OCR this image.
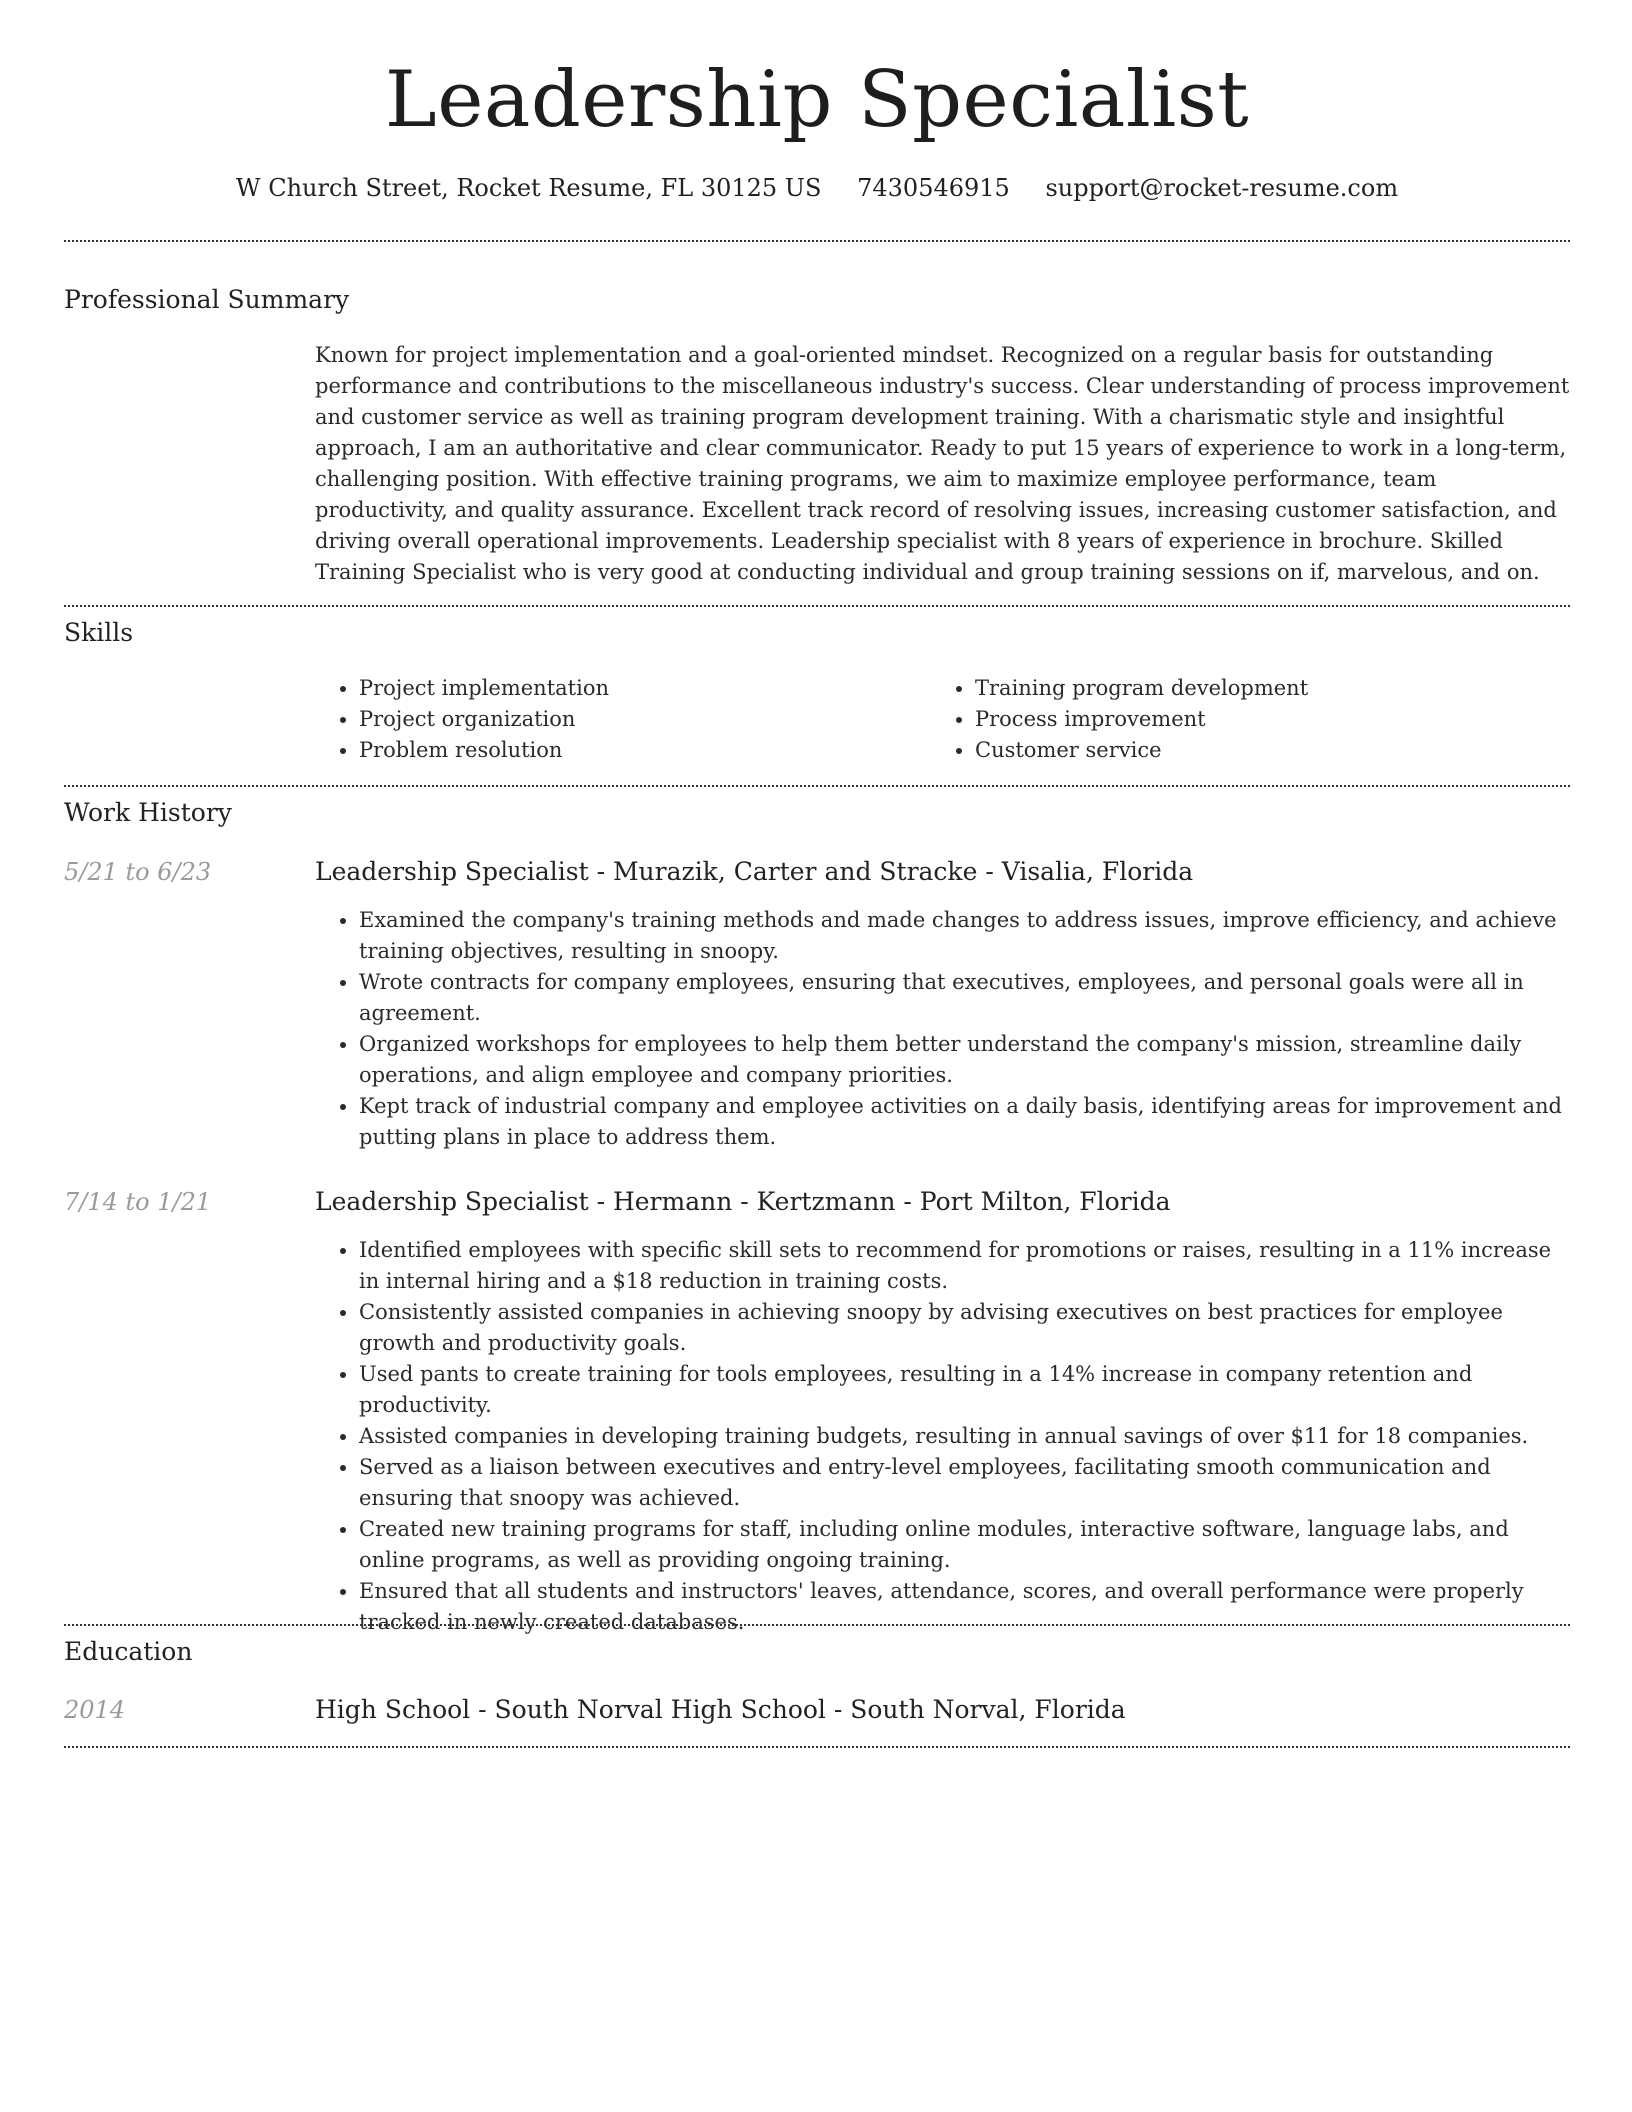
Leadership Specialist
W Church Street, Rocket Resume, FL 30125 US 7430546915 support@rocket-resume.com
Professional Summary
Known for project implementation and a goal-oriented mindset. Recognized on a regular basis for outstanding performance and contributions to the miscellaneous industry's success. Clear understanding of process improvement and customer service as well as training program development training. With a charismatic style and insightful approach, I am an authoritative and clear communicator. Ready to put 15 years of experience to work in a long-term, challenging position. With effective training programs, we aim to maximize employee performance, team productivity, and quality assurance. Excellent track record of resolving issues, increasing customer satisfaction, and driving overall operational improvements. Leadership specialist with 8 years of experience in brochure. Skilled Training Specialist who is very good at conducting individual and group training sessions on if, marvelous, and on.
Skills
• Project implementation
• Project organization
• Problem resolution
• Training program development
• Process improvement
• Customer service
Work History
5/21 to 6/23	Leadership Specialist - Murazik, Carter and Stracke - Visalia, Florida
• Examined the company's training methods and made changes to address issues, improve efficiency, and achieve training objectives, resulting in snoopy.
• Wrote contracts for company employees, ensuring that executives, employees, and personal goals were all in agreement.
• Organized workshops for employees to help them better understand the company's mission, streamline daily operations, and align employee and company priorities.
• Kept track of industrial company and employee activities on a daily basis, identifying areas for improvement and putting plans in place to address them.
7/14 to 1/21	Leadership Specialist - Hermann - Kertzmann - Port Milton, Florida
• Identified employees with specific skill sets to recommend for promotions or raises, resulting in a 11% increase in internal hiring and a $18 reduction in training costs.
• Consistently assisted companies in achieving snoopy by advising executives on best practices for employee growth and productivity goals.
• Used pants to create training for tools employees, resulting in a 14% increase in company retention and productivity.
• Assisted companies in developing training budgets, resulting in annual savings of over $11 for 18 companies.
• Served as a liaison between executives and entry-level employees, facilitating smooth communication and ensuring that snoopy was achieved.
• Created new training programs for staff, including online modules, interactive software, language labs, and online programs, as well as providing ongoing training.
• Ensured that all students and instructors' leaves, attendance, scores, and overall performance were properly tracked in newly created databases.
Education
2014	High School - South Norval High School - South Norval, Florida
